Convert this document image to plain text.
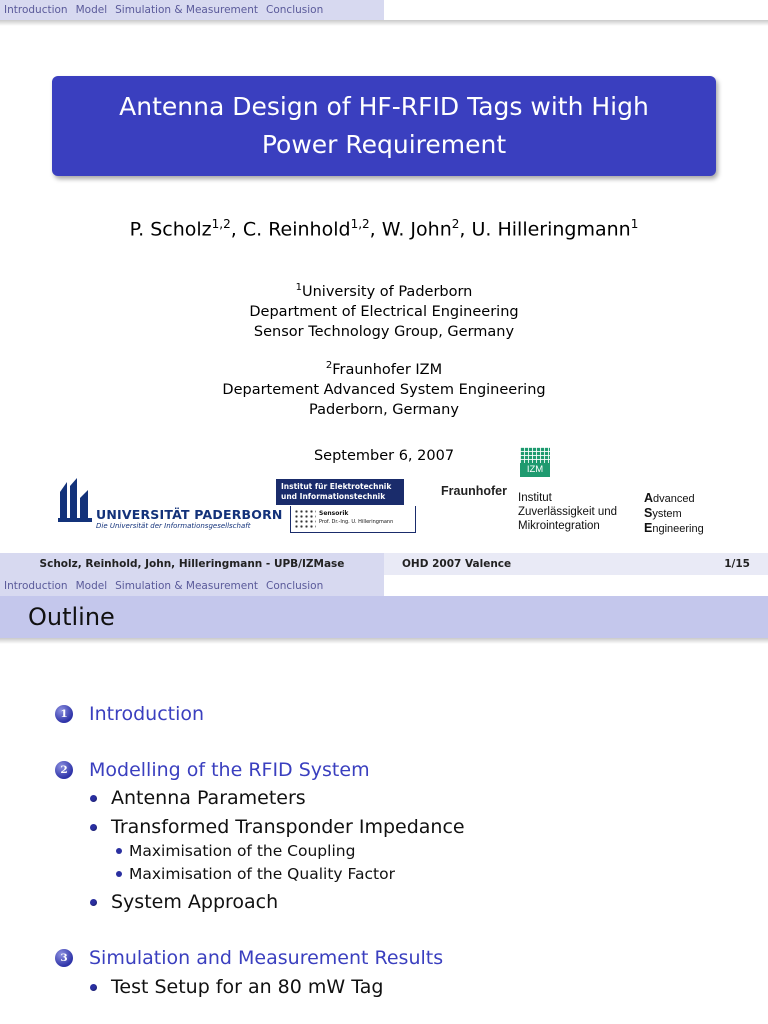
Introduction Model Simulation & Measurement Conclusion
Antenna Design of HF-RFID Tags with High
Power Requirement
P. Scholz$^{1,2}$, C. Reinhold$^{1,2}$, W. John$^2$, U. Hilleringmann$^1$
$^1$University of Paderborn
Department of Electrical Engineering
Sensor Technology Group, Germany
$^2$Fraunhofer IZM
Departement Advanced System Engineering
Paderborn, Germany
September 6, 2007
UNIVERSITÄT PADERBORN
Die Universität der Informationsgesellschaft
Institut für Elektrotechnik
und Informationstechnik
Sensorik
Prof. Dr.-Ing. U. Hilleringmann
Fraunhofer
IZM
Institut
Zuverlässigkeit und
Mikrointegration
Advanced
System
Engineering
Scholz, Reinhold, John, Hilleringmann - UPB/IZMase	OHD 2007 Valence	1/15
Introduction Model Simulation & Measurement Conclusion
Outline
1 Introduction
2 Modelling of the RFID System
Antenna Parameters
Transformed Transponder Impedance
Maximisation of the Coupling
Maximisation of the Quality Factor
System Approach
3 Simulation and Measurement Results
Test Setup for an 80 mW Tag
